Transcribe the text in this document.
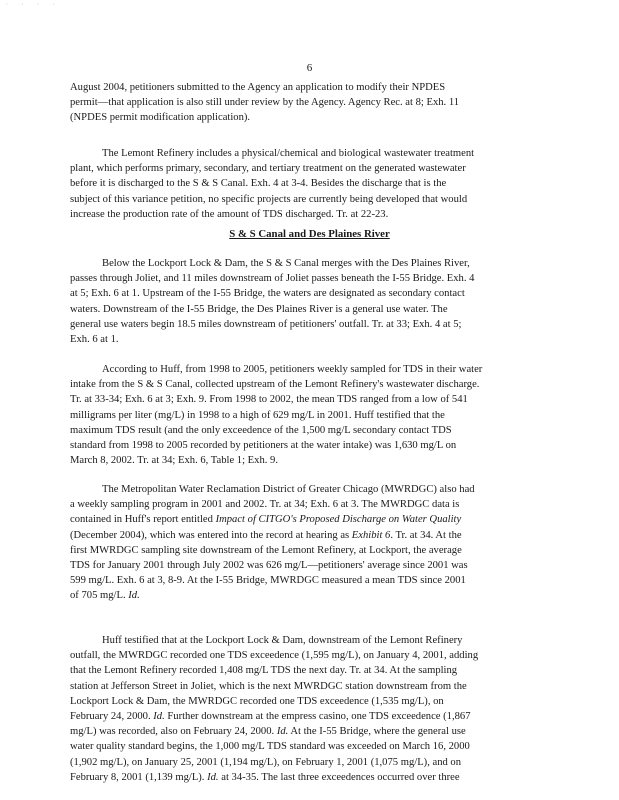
· · · ·
6

August 2004, petitioners submitted to the Agency an application to modify their NPDES

permit—that application is also still under review by the Agency. Agency Rec. at 8; Exh. 11

(NPDES permit modification application).

The Lemont Refinery includes a physical/chemical and biological wastewater treatment

plant, which performs primary, secondary, and tertiary treatment on the generated wastewater

before it is discharged to the S & S Canal. Exh. 4 at 3-4. Besides the discharge that is the

subject of this variance petition, no specific projects are currently being developed that would

increase the production rate of the amount of TDS discharged. Tr. at 22-23.

S & S Canal and Des Plaines River

Below the Lockport Lock & Dam, the S & S Canal merges with the Des Plaines River,

passes through Joliet, and 11 miles downstream of Joliet passes beneath the I-55 Bridge. Exh. 4

at 5; Exh. 6 at 1. Upstream of the I-55 Bridge, the waters are designated as secondary contact

waters. Downstream of the I-55 Bridge, the Des Plaines River is a general use water. The

general use waters begin 18.5 miles downstream of petitioners' outfall. Tr. at 33; Exh. 4 at 5;

Exh. 6 at 1.

According to Huff, from 1998 to 2005, petitioners weekly sampled for TDS in their water

intake from the S & S Canal, collected upstream of the Lemont Refinery's wastewater discharge.

Tr. at 33-34; Exh. 6 at 3; Exh. 9. From 1998 to 2002, the mean TDS ranged from a low of 541

milligrams per liter (mg/L) in 1998 to a high of 629 mg/L in 2001. Huff testified that the

maximum TDS result (and the only exceedence of the 1,500 mg/L secondary contact TDS

standard from 1998 to 2005 recorded by petitioners at the water intake) was 1,630 mg/L on

March 8, 2002. Tr. at 34; Exh. 6, Table 1; Exh. 9.

The Metropolitan Water Reclamation District of Greater Chicago (MWRDGC) also had

a weekly sampling program in 2001 and 2002. Tr. at 34; Exh. 6 at 3. The MWRDGC data is

contained in Huff's report entitled Impact of CITGO's Proposed Discharge on Water Quality

(December 2004), which was entered into the record at hearing as Exhibit 6. Tr. at 34. At the

first MWRDGC sampling site downstream of the Lemont Refinery, at Lockport, the average

TDS for January 2001 through July 2002 was 626 mg/L—petitioners' average since 2001 was

599 mg/L. Exh. 6 at 3, 8-9. At the I-55 Bridge, MWRDGC measured a mean TDS since 2001

of 705 mg/L. Id.

Huff testified that at the Lockport Lock & Dam, downstream of the Lemont Refinery

outfall, the MWRDGC recorded one TDS exceedence (1,595 mg/L), on January 4, 2001, adding

that the Lemont Refinery recorded 1,408 mg/L TDS the next day. Tr. at 34. At the sampling

station at Jefferson Street in Joliet, which is the next MWRDGC station downstream from the

Lockport Lock & Dam, the MWRDGC recorded one TDS exceedence (1,535 mg/L), on

February 24, 2000. Id. Further downstream at the empress casino, one TDS exceedence (1,867

mg/L) was recorded, also on February 24, 2000. Id. At the I-55 Bridge, where the general use

water quality standard begins, the 1,000 mg/L TDS standard was exceeded on March 16, 2000

(1,902 mg/L), on January 25, 2001 (1,194 mg/L), on February 1, 2001 (1,075 mg/L), and on

February 8, 2001 (1,139 mg/L). Id. at 34-35. The last three exceedences occurred over three
